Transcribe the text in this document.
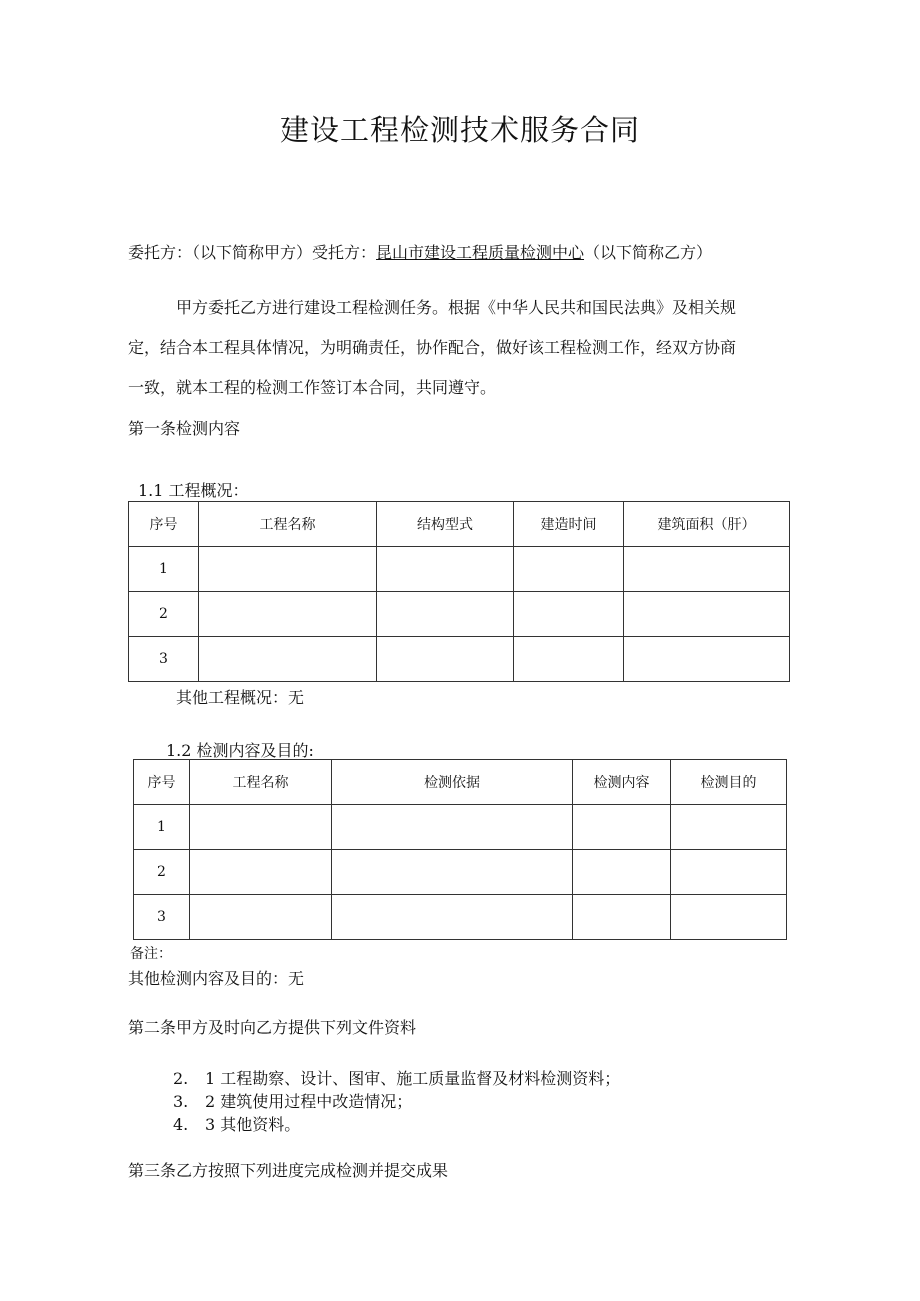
建设工程检测技术服务合同
委托方：（以下简称甲方）受托方：昆山市建设工程质量检测中心（以下简称乙方）

甲方委托乙方进行建设工程检测任务。根据《中华人民共和国民法典》及相关规

定，结合本工程具体情况，为明确责任，协作配合，做好该工程检测工作，经双方协商

一致，就本工程的检测工作签订本合同，共同遵守。

第一条检测内容
1.1 工程概况：
序号	工程名称	结构型式	建造时间	建筑面积（肝）
1				
2				
3				
其他工程概况：无
1.2 检测内容及目的:
序号	工程名称	检测依据	检测内容	检测目的
1				
2				
3				
备注：
其他检测内容及目的：无
第二条甲方及时向乙方提供下列文件资料
2. 1 工程勘察、设计、图审、施工质量监督及材料检测资料；
3. 2 建筑使用过程中改造情况；
4. 3 其他资料。
第三条乙方按照下列进度完成检测并提交成果
